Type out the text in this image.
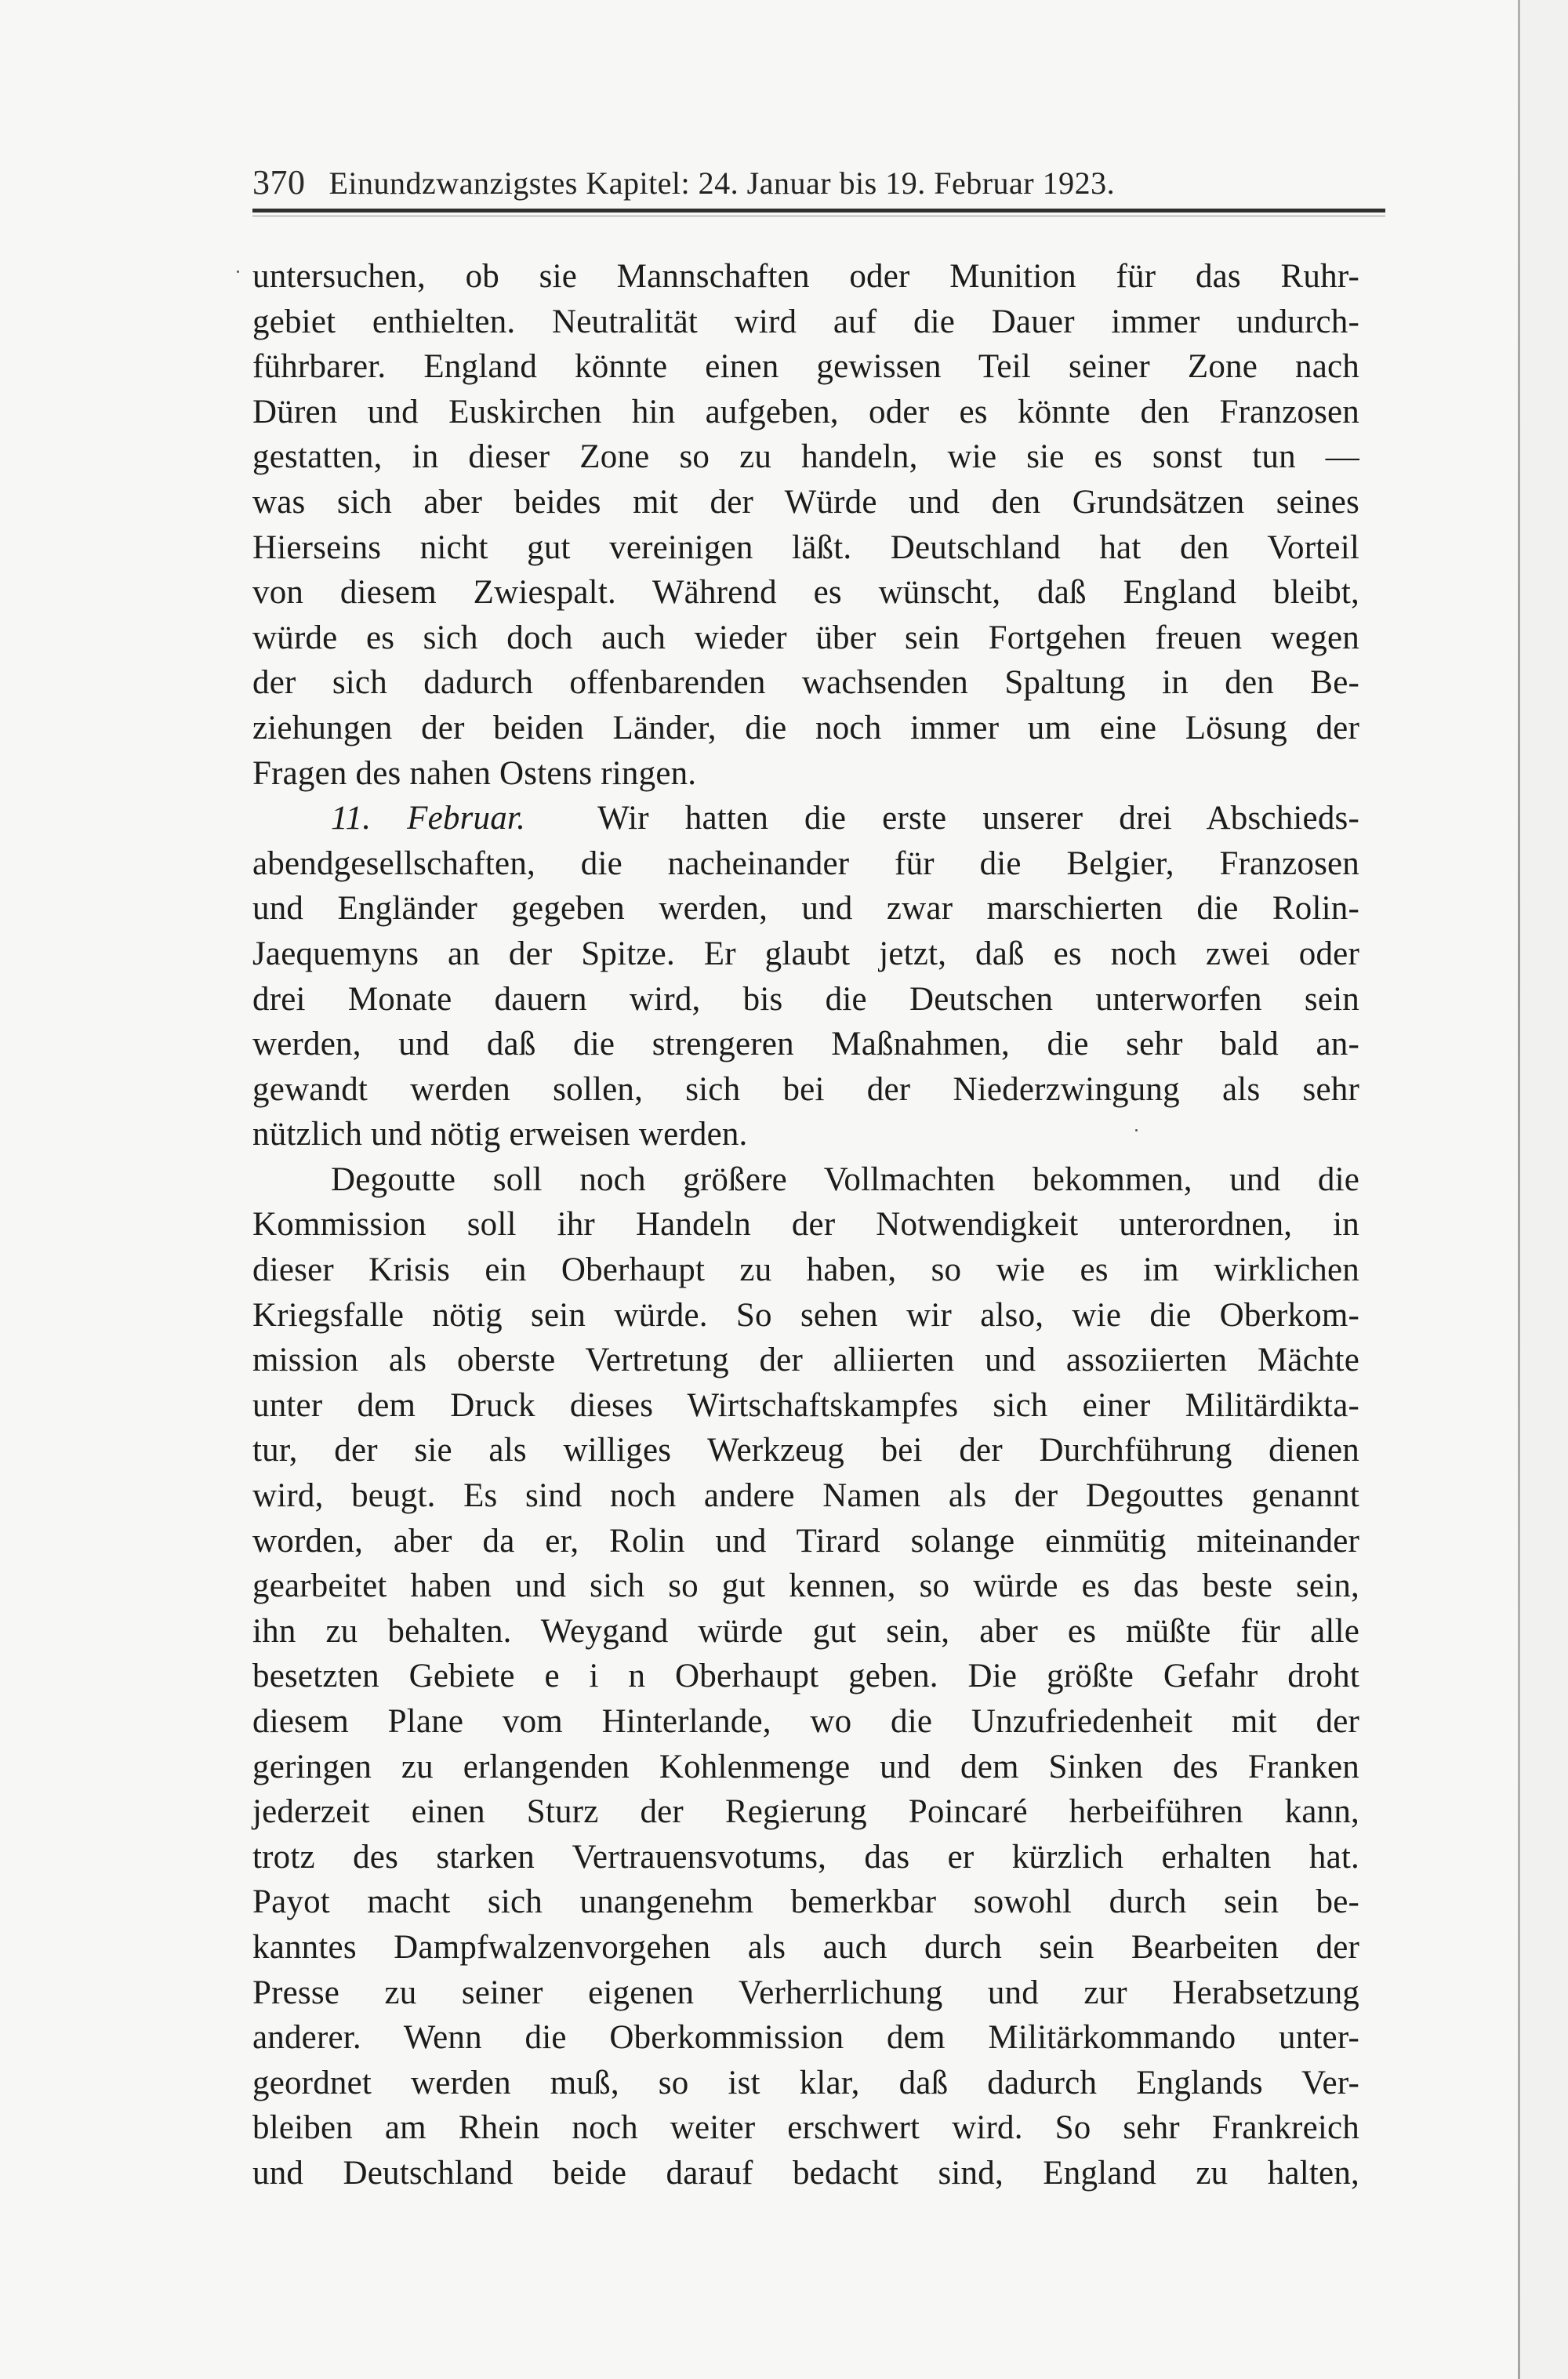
370 Einundzwanzigstes Kapitel: 24. Januar bis 19. Februar 1923.
untersuchen, ob sie Mannschaften oder Munition für das Ruhr-
gebiet enthielten. Neutralität wird auf die Dauer immer undurch-
führbarer. England könnte einen gewissen Teil seiner Zone nach
Düren und Euskirchen hin aufgeben, oder es könnte den Franzosen
gestatten, in dieser Zone so zu handeln, wie sie es sonst tun —
was sich aber beides mit der Würde und den Grundsätzen seines
Hierseins nicht gut vereinigen läßt. Deutschland hat den Vorteil
von diesem Zwiespalt. Während es wünscht, daß England bleibt,
würde es sich doch auch wieder über sein Fortgehen freuen wegen
der sich dadurch offenbarenden wachsenden Spaltung in den Be-
ziehungen der beiden Länder, die noch immer um eine Lösung der
Fragen des nahen Ostens ringen.
11. Februar. Wir hatten die erste unserer drei Abschieds-
abendgesellschaften, die nacheinander für die Belgier, Franzosen
und Engländer gegeben werden, und zwar marschierten die Rolin-
Jaequemyns an der Spitze. Er glaubt jetzt, daß es noch zwei oder
drei Monate dauern wird, bis die Deutschen unterworfen sein
werden, und daß die strengeren Maßnahmen, die sehr bald an-
gewandt werden sollen, sich bei der Niederzwingung als sehr
nützlich und nötig erweisen werden.
Degoutte soll noch größere Vollmachten bekommen, und die
Kommission soll ihr Handeln der Notwendigkeit unterordnen, in
dieser Krisis ein Oberhaupt zu haben, so wie es im wirklichen
Kriegsfalle nötig sein würde. So sehen wir also, wie die Oberkom-
mission als oberste Vertretung der alliierten und assoziierten Mächte
unter dem Druck dieses Wirtschaftskampfes sich einer Militärdikta-
tur, der sie als williges Werkzeug bei der Durchführung dienen
wird, beugt. Es sind noch andere Namen als der Degouttes genannt
worden, aber da er, Rolin und Tirard solange einmütig miteinander
gearbeitet haben und sich so gut kennen, so würde es das beste sein,
ihn zu behalten. Weygand würde gut sein, aber es müßte für alle
besetzten Gebiete e i n Oberhaupt geben. Die größte Gefahr droht
diesem Plane vom Hinterlande, wo die Unzufriedenheit mit der
geringen zu erlangenden Kohlenmenge und dem Sinken des Franken
jederzeit einen Sturz der Regierung Poincaré herbeiführen kann,
trotz des starken Vertrauensvotums, das er kürzlich erhalten hat.
Payot macht sich unangenehm bemerkbar sowohl durch sein be-
kanntes Dampfwalzenvorgehen als auch durch sein Bearbeiten der
Presse zu seiner eigenen Verherrlichung und zur Herabsetzung
anderer. Wenn die Oberkommission dem Militärkommando unter-
geordnet werden muß, so ist klar, daß dadurch Englands Ver-
bleiben am Rhein noch weiter erschwert wird. So sehr Frankreich
und Deutschland beide darauf bedacht sind, England zu halten,
